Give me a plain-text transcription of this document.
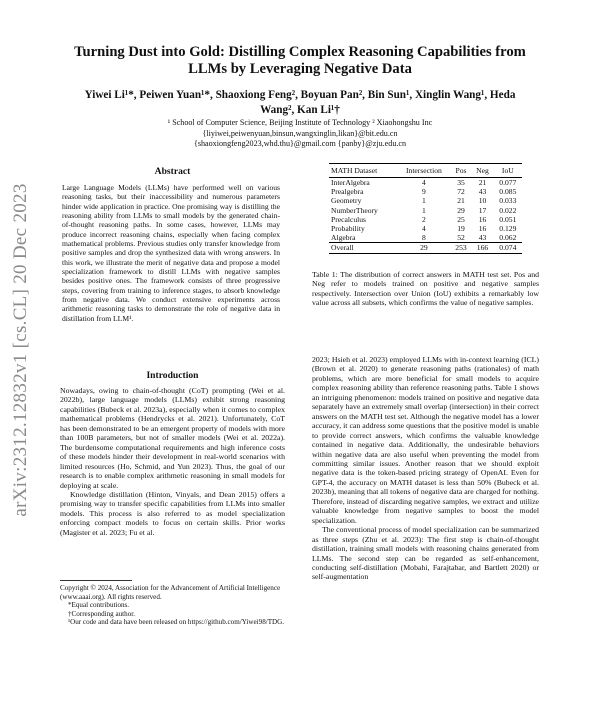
arXiv:2312.12832v1 [cs.CL] 20 Dec 2023
Turning Dust into Gold: Distilling Complex Reasoning Capabilities from LLMs by Leveraging Negative Data
Yiwei Li¹*, Peiwen Yuan¹*, Shaoxiong Feng², Boyuan Pan², Bin Sun¹, Xinglin Wang¹, Heda
Wang², Kan Li¹†
¹ School of Computer Science, Beijing Institute of Technology ² Xiaohongshu Inc
{liyiwei,peiwenyuan,binsun,wangxinglin,likan}@bit.edu.cn
{shaoxiongfeng2023,whd.thu}@gmail.com {panby}@zju.edu.cn
Abstract
Large Language Models (LLMs) have performed well on various reasoning tasks, but their inaccessibility and numerous parameters hinder wide application in practice. One promising way is distilling the reasoning ability from LLMs to small models by the generated chain-of-thought reasoning paths. In some cases, however, LLMs may produce incorrect reasoning chains, especially when facing complex mathematical problems. Previous studies only transfer knowledge from positive samples and drop the synthesized data with wrong answers. In this work, we illustrate the merit of negative data and propose a model specialization framework to distill LLMs with negative samples besides positive ones. The framework consists of three progressive steps, covering from training to inference stages, to absorb knowledge from negative data. We conduct extensive experiments across arithmetic reasoning tasks to demonstrate the role of negative data in distillation from LLM¹.
Introduction

Nowadays, owing to chain-of-thought (CoT) prompting (Wei et al. 2022b), large language models (LLMs) exhibit strong reasoning capabilities (Bubeck et al. 2023a), especially when it comes to complex mathematical problems (Hendrycks et al. 2021). Unfortunately, CoT has been demonstrated to be an emergent property of models with more than 100B parameters, but not of smaller models (Wei et al. 2022a). The burdensome computational requirements and high inference costs of these models hinder their development in real-world scenarios with limited resources (Ho, Schmid, and Yun 2023). Thus, the goal of our research is to enable complex arithmetic reasoning in small models for deploying at scale.

Knowledge distillation (Hinton, Vinyals, and Dean 2015) offers a promising way to transfer specific capabilities from LLMs into smaller models. This process is also referred to as model specialization enforcing compact models to focus on certain skills. Prior works (Magister et al. 2023; Fu et al.

Copyright © 2024, Association for the Advancement of Artificial Intelligence (www.aaai.org). All rights reserved.

*Equal contributions.

†Corresponding author.

¹Our code and data have been released on https://github.com/Yiwei98/TDG.

MATH Dataset	Intersection	Pos	Neg	IoU
InterAlgebra	4	35	21	0.077
Prealgebra	9	72	43	0.085
Geometry	1	21	10	0.033
NumberTheory	1	29	17	0.022
Precalculus	2	25	16	0.051
Probability	4	19	16	0.129
Algebra	8	52	43	0.062
Overall	29	253	166	0.074
Table 1: The distribution of correct answers in MATH test set. Pos and Neg refer to models trained on positive and negative samples respectively. Intersection over Union (IoU) exhibits a remarkably low value across all subsets, which confirms the value of negative samples.

2023; Hsieh et al. 2023) employed LLMs with in-context learning (ICL) (Brown et al. 2020) to generate reasoning paths (rationales) of math problems, which are more beneficial for small models to acquire complex reasoning ability than reference reasoning paths. Table 1 shows an intriguing phenomenon: models trained on positive and negative data separately have an extremely small overlap (intersection) in their correct answers on the MATH test set. Although the negative model has a lower accuracy, it can address some questions that the positive model is unable to provide correct answers, which confirms the valuable knowledge contained in negative data. Additionally, the undesirable behaviors within negative data are also useful when preventing the model from committing similar issues. Another reason that we should exploit negative data is the token-based pricing strategy of OpenAI. Even for GPT-4, the accuracy on MATH dataset is less than 50% (Bubeck et al. 2023b), meaning that all tokens of negative data are charged for nothing. Therefore, instead of discarding negative samples, we extract and utilize valuable knowledge from negative samples to boost the model specialization.

The conventional process of model specialization can be summarized as three steps (Zhu et al. 2023): The first step is chain-of-thought distillation, training small models with reasoning chains generated from LLMs. The second step can be regarded as self-enhancement, conducting self-distillation (Mobahi, Farajtabar, and Bartlett 2020) or self-augmentation
